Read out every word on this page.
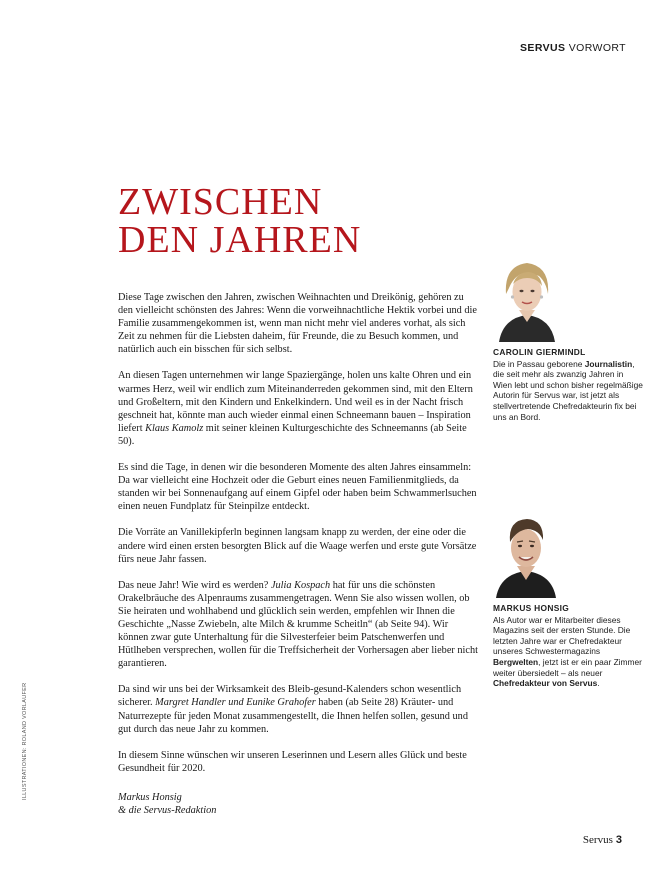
SERVUS VORWORT
ZWISCHEN
DEN JAHREN

Diese Tage zwischen den Jahren, zwischen Weihnachten und Dreikönig, gehören zu den vielleicht schönsten des Jahres: Wenn die vorweihnachtliche Hektik vorbei und die Familie zusammengekommen ist, wenn man nicht mehr viel anderes vorhat, als sich Zeit zu nehmen für die Liebsten daheim, für Freunde, die zu Besuch kommen, und natürlich auch ein bisschen für sich selbst.

An diesen Tagen unternehmen wir lange Spaziergänge, holen uns kalte Ohren und ein warmes Herz, weil wir endlich zum Miteinanderreden gekommen sind, mit den Eltern und Großeltern, mit den Kindern und Enkelkindern. Und weil es in der Nacht frisch geschneit hat, könnte man auch wieder einmal einen Schneemann bauen – Inspiration liefert Klaus Kamolz mit seiner kleinen Kulturgeschichte des Schneemanns (ab Seite 50).

Es sind die Tage, in denen wir die besonderen Momente des alten Jahres einsammeln: Da war vielleicht eine Hochzeit oder die Geburt eines neuen Familienmitglieds, da standen wir bei Sonnenaufgang auf einem Gipfel oder haben beim Schwammerlsuchen einen neuen Fundplatz für Steinpilze entdeckt.

Die Vorräte an Vanillekipferln beginnen langsam knapp zu werden, der eine oder die andere wird einen ersten besorgten Blick auf die Waage werfen und erste gute Vorsätze fürs neue Jahr fassen.

Das neue Jahr! Wie wird es werden? Julia Kospach hat für uns die schönsten Orakelbräuche des Alpenraums zusammengetragen. Wenn Sie also wissen wollen, ob Sie heiraten und wohlhabend und glücklich sein werden, empfehlen wir Ihnen die Geschichte „Nasse Zwiebeln, alte Milch & krumme Scheitln“ (ab Seite 94). Wir können zwar gute Unterhaltung für die Silvesterfeier beim Patschenwerfen und Hütlheben versprechen, wollen für die Treffsicherheit der Vorhersagen aber lieber nicht garantieren.

Da sind wir uns bei der Wirksamkeit des Bleib-gesund-Kalenders schon wesentlich sicherer. Margret Handler und Eunike Grahofer haben (ab Seite 28) Kräuter- und Naturrezepte für jeden Monat zusammengestellt, die Ihnen helfen sollen, gesund und gut durch das neue Jahr zu kommen.

In diesem Sinne wünschen wir unseren Leserinnen und Lesern alles Glück und beste Gesundheit für 2020.

Markus Honsig
& die Servus-Redaktion
CAROLIN GIERMINDL
Die in Passau geborene Journalistin, die seit mehr als zwanzig Jahren in Wien lebt und schon bisher regelmäßige Autorin für Servus war, ist jetzt als stellvertretende Chefredakteurin fix bei uns an Bord.
MARKUS HONSIG
Als Autor war er Mitarbeiter dieses Magazins seit der ersten Stunde. Die letzten Jahre war er Chefredakteur unseres Schwestermagazins Bergwelten, jetzt ist er ein paar Zimmer weiter übersiedelt – als neuer Chefredakteur von Servus.
ILLUSTRATIONEN: ROLAND VORLAUFER
Servus 3
